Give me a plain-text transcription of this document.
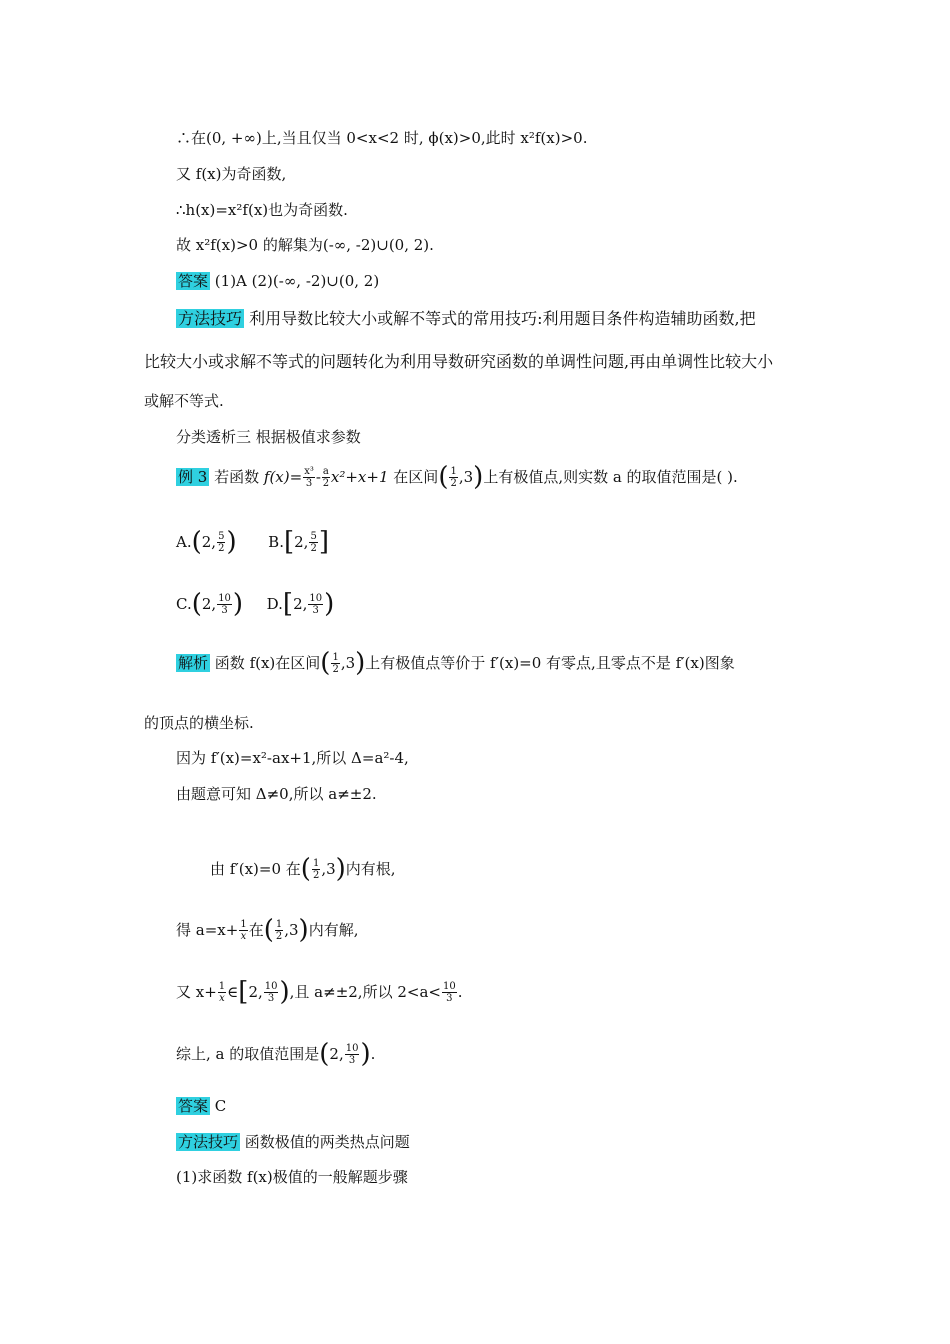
∴在(0, +∞)上,当且仅当 0<x<2 时, ϕ(x)>0,此时 x²f(x)>0.
又 f(x)为奇函数,
∴h(x)=x²f(x)也为奇函数.
故 x²f(x)>0 的解集为(-∞, -2)∪(0, 2).
答案 (1)A (2)(-∞, -2)∪(0, 2)
方法技巧 利用导数比较大小或解不等式的常用技巧:利用题目条件构造辅助函数,把
比较大小或求解不等式的问题转化为利用导数研究函数的单调性问题,再由单调性比较大小
或解不等式.
分类透析三 根据极值求参数
例 3 若函数 $f(x)= \frac{\text{x³}}{3} - \frac{a}{2} x^2+x+1$ 在区间( $\frac{1}{2} ,3$)上有极值点,则实数 a 的取值范围是( ).
A.(2, $\frac{5}{2}$ ) B.[2, $\frac{5}{2}$ ]
C.(2, $\frac{10}{3}$ ) D.[2, $\frac{10}{3}$ )
解析 函数 f(x)在区间( $\frac{1}{2} ,3$)上有极值点等价于 f′(x)=0 有零点,且零点不是 f′(x)图象
的顶点的横坐标.
因为 f′(x)=x²-ax+1,所以 Δ=a²-4,
由题意可知 Δ≠0,所以 a≠±2.
由 f′(x)=0 在( $\frac{1}{2} ,3$)内有根,
得 $a=x+ \frac{1}{x}$在( $\frac{1}{2} ,3$)内有解,
又 $x+ \frac{1}{x}\in[2$, $\frac{10}{3}$ ),且 a≠±2,所以 $2<a< \frac{10}{3}$ .
综上, a 的取值范围是(2, $\frac{10}{3}$ ).
答案 C
方法技巧 函数极值的两类热点问题
(1)求函数 f(x)极值的一般解题步骤
